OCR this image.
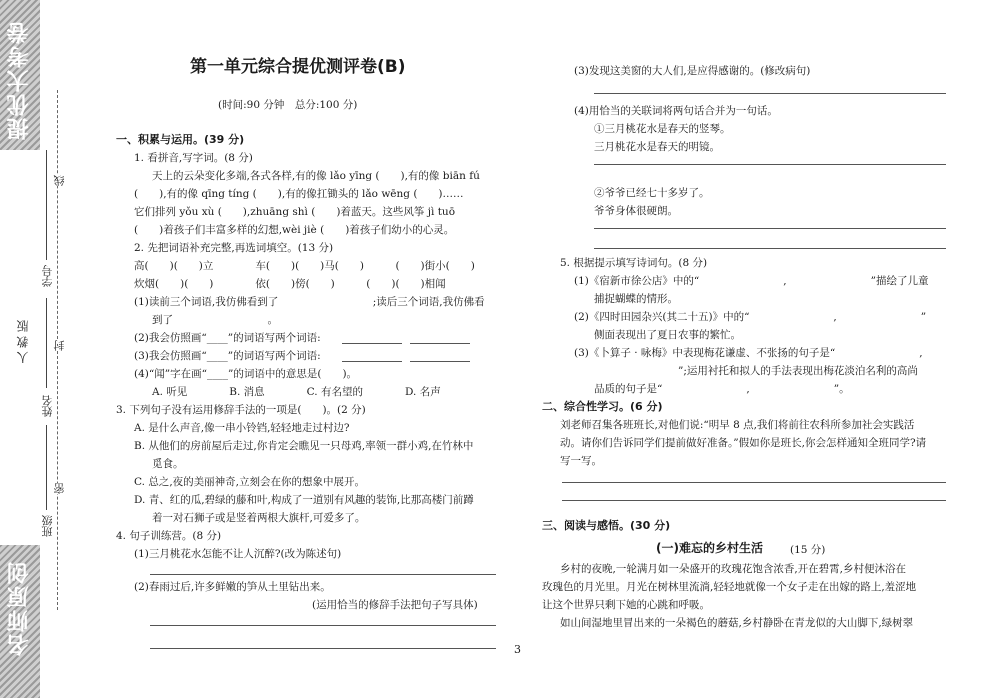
提优大考卷
名师原创
人 教 版
姓名
学号
班级
线
封
密
第一单元综合提优测评卷(B)
(时间:90 分钟　总分:100 分)
一、积累与运用。(39 分)
1. 看拼音,写字词。(8 分)
天上的云朵变化多端,各式各样,有的像 lǎo yīng (　　),有的像 biān fú
(　　),有的像 qīng tíng (　　),有的像扛锄头的 lǎo wēng (　　)……
它们排列 yǒu xù (　　),zhuāng shì (　　)着蓝天。这些风筝 jì tuō
(　　)着孩子们丰富多样的幻想,wèi jiè (　　)着孩子们幼小的心灵。
2. 先把词语补充完整,再选词填空。(13 分)
高(　　)(　　)立　　　　车(　　)(　　)马(　　)　　　(　　)街小(　　)
炊烟(　　)(　　)　　　　依(　　)傍(　　)　　　(　　)(　　)相闻
(1)读前三个词语,我仿佛看到了　　　　　　　　　;读后三个词语,我仿佛看
到了　　　　　　　　　。
(2)我会仿照画“____”的词语写两个词语:
(3)我会仿照画“____”的词语写两个词语:
(4)“闻”字在画“____”的词语中的意思是(　　)。
A. 听见　　　　B. 消息　　　　C. 有名望的　　　　D. 名声
3. 下列句子没有运用修辞手法的一项是(　　)。(2 分)
A. 是什么声音,像一串小铃铛,轻轻地走过村边?
B. 从他们的房前屋后走过,你肯定会瞧见一只母鸡,率领一群小鸡,在竹林中
觅食。
C. 总之,夜的美丽神奇,立刻会在你的想象中展开。
D. 青、红的瓜,碧绿的藤和叶,构成了一道别有风趣的装饰,比那高楼门前蹲
着一对石狮子或是竖着两根大旗杆,可爱多了。
4. 句子训练营。(8 分)
(1)三月桃花水怎能不让人沉醉?(改为陈述句)
(2)春雨过后,许多鲜嫩的笋从土里钻出来。
(运用恰当的修辞手法把句子写具体)
(3)发现这美窗的大人们,是应得感谢的。(修改病句)
(4)用恰当的关联词将两句话合并为一句话。
①三月桃花水是春天的竖琴。
三月桃花水是春天的明镜。
②爷爷已经七十多岁了。
爷爷身体很硬朗。
5. 根据提示填写诗词句。(8 分)
(1)《宿新市徐公店》中的“　　　　　　　　,　　　　　　　　”描绘了儿童
捕捉蝴蝶的情形。
(2)《四时田园杂兴(其二十五)》中的“　　　　　　　　,　　　　　　　　”
侧面表现出了夏日农事的繁忙。
(3)《卜算子 · 咏梅》中表现梅花谦虚、不张扬的句子是“　　　　　　　　,
　　　　　　　　”;运用衬托和拟人的手法表现出梅花淡泊名利的高尚
品质的句子是“　　　　　　　　,　　　　　　　　”。
二、综合性学习。(6 分)
刘老师召集各班班长,对他们说:“明早 8 点,我们将前往农科所参加社会实践活
动。请你们告诉同学们提前做好准备。”假如你是班长,你会怎样通知全班同学?请
写一写。
三、阅读与感悟。(30 分)
(一)难忘的乡村生活	(15 分)
乡村的夜晚,一轮满月如一朵盛开的玫瑰花饱含浓香,开在碧霄,乡村便沐浴在
玫瑰色的月光里。月光在树林里流淌,轻轻地就像一个女子走在出嫁的路上,羞涩地
让这个世界只剩下她的心跳和呼吸。
如山间湿地里冒出来的一朵褐色的蘑菇,乡村静卧在青龙似的大山脚下,绿树翠
3
